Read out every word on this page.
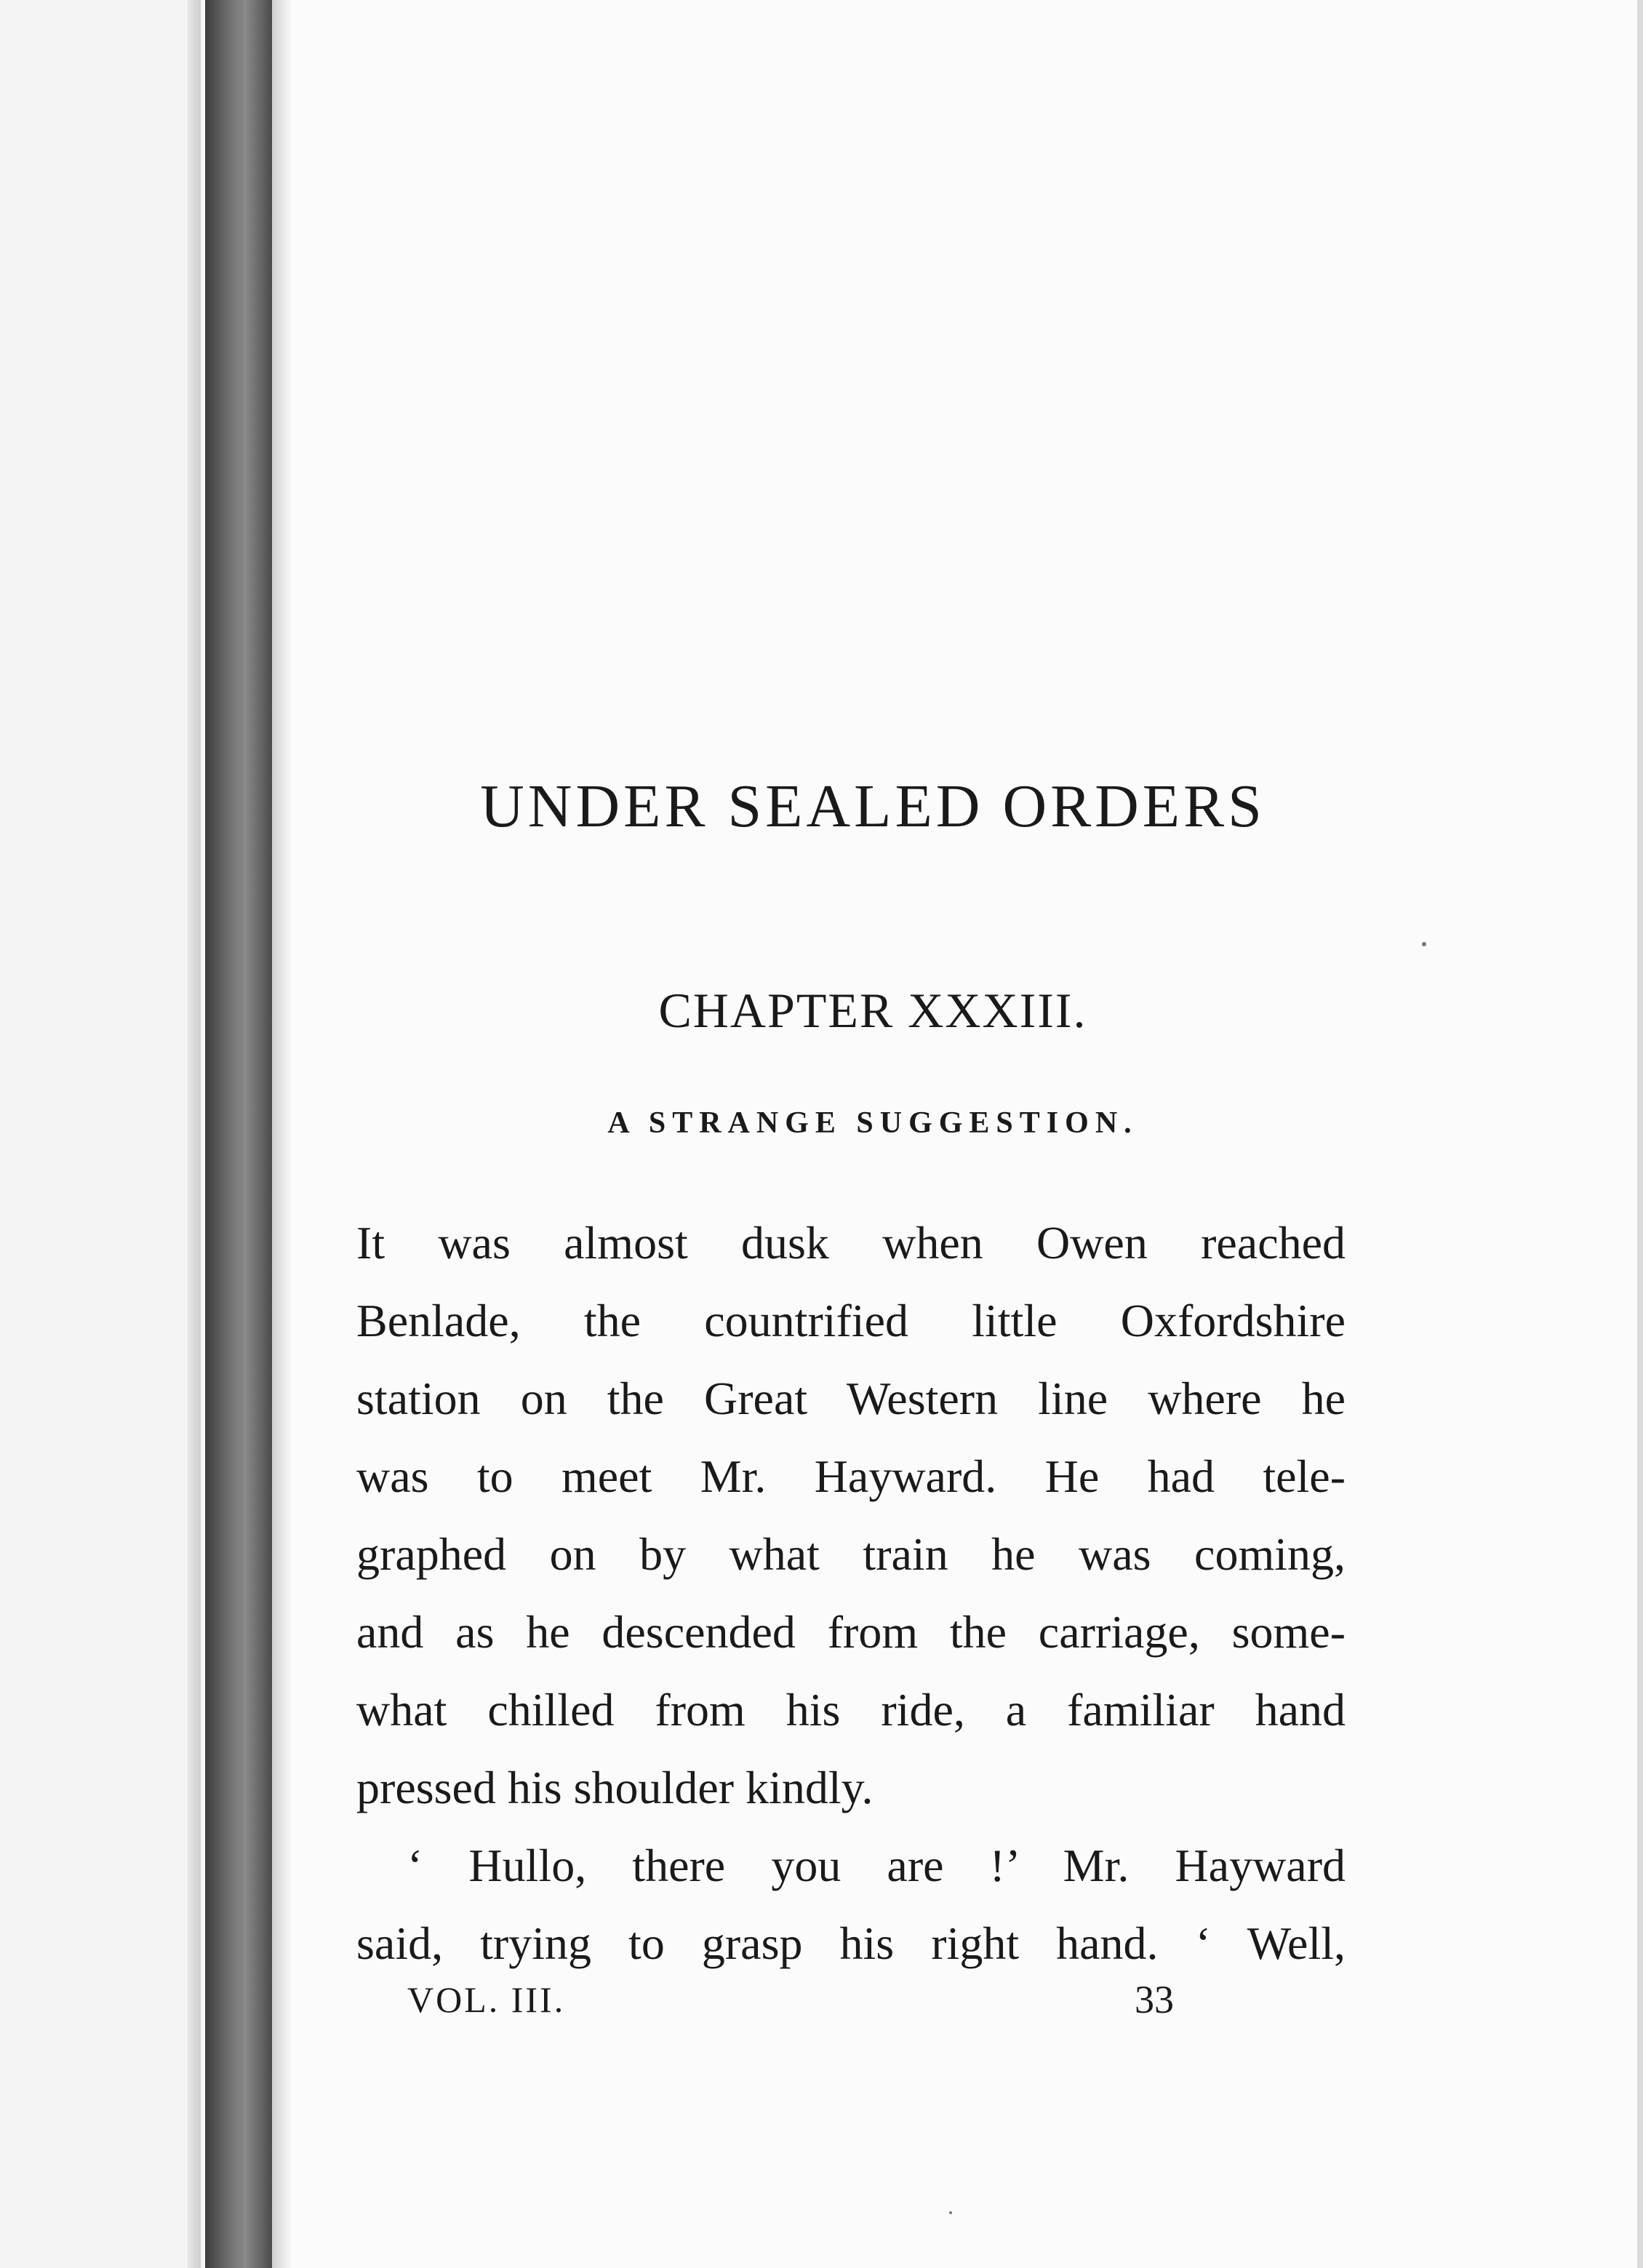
UNDER SEALED ORDERS
CHAPTER XXXIII.
A STRANGE SUGGESTION.
It was almost dusk when Owen reached
Benlade, the countrified little Oxfordshire
station on the Great Western line where he
was to meet Mr. Hayward. He had tele-
graphed on by what train he was coming,
and as he descended from the carriage, some-
what chilled from his ride, a familiar hand
pressed his shoulder kindly.
‘ Hullo, there you are !’ Mr. Hayward
said, trying to grasp his right hand. ‘ Well,
VOL. III.	33
